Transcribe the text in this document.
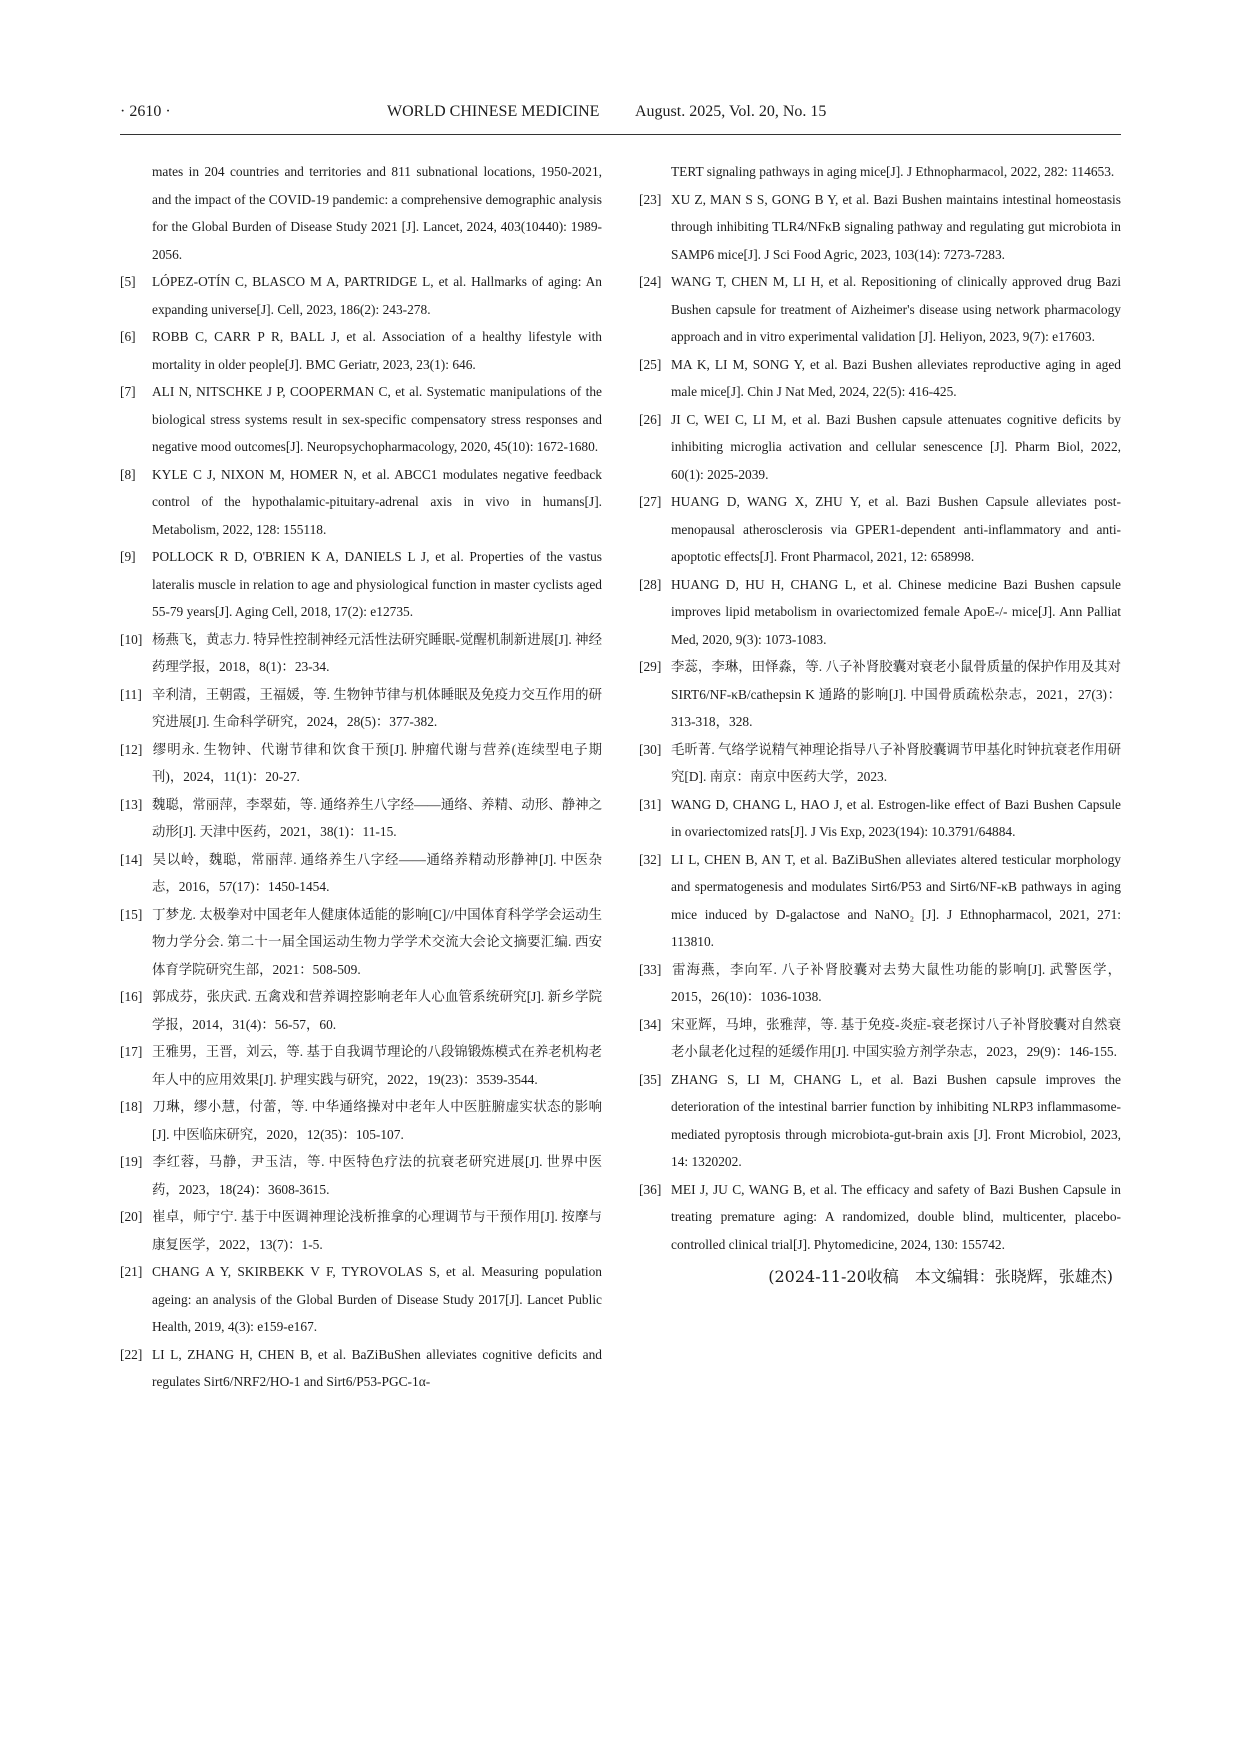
· 2610 ·	WORLD CHINESE MEDICINE August. 2025, Vol. 20, No. 15
mates in 204 countries and territories and 811 subnational locations, 1950-2021, and the impact of the COVID-19 pandemic: a comprehensive demographic analysis for the Global Burden of Disease Study 2021 [J]. Lancet, 2024, 403(10440): 1989-2056.
[5] LÓPEZ-OTÍN C, BLASCO M A, PARTRIDGE L, et al. Hallmarks of aging: An expanding universe[J]. Cell, 2023, 186(2): 243-278.
[6] ROBB C, CARR P R, BALL J, et al. Association of a healthy lifestyle with mortality in older people[J]. BMC Geriatr, 2023, 23(1): 646.
[7] ALI N, NITSCHKE J P, COOPERMAN C, et al. Systematic manipulations of the biological stress systems result in sex-specific compensatory stress responses and negative mood outcomes[J]. Neuropsychopharmacology, 2020, 45(10): 1672-1680.
[8] KYLE C J, NIXON M, HOMER N, et al. ABCC1 modulates negative feedback control of the hypothalamic-pituitary-adrenal axis in vivo in humans[J]. Metabolism, 2022, 128: 155118.
[9] POLLOCK R D, O'BRIEN K A, DANIELS L J, et al. Properties of the vastus lateralis muscle in relation to age and physiological function in master cyclists aged 55-79 years[J]. Aging Cell, 2018, 17(2): e12735.
[10] 杨燕飞，黄志力. 特异性控制神经元活性法研究睡眠-觉醒机制新进展[J]. 神经药理学报，2018，8(1)：23-34.
[11] 辛利清，王朝霞，王福媛，等. 生物钟节律与机体睡眠及免疫力交互作用的研究进展[J]. 生命科学研究，2024，28(5)：377-382.
[12] 缪明永. 生物钟、代谢节律和饮食干预[J]. 肿瘤代谢与营养(连续型电子期刊)，2024，11(1)：20-27.
[13] 魏聪，常丽萍，李翠茹，等. 通络养生八字经——通络、养精、动形、静神之动形[J]. 天津中医药，2021，38(1)：11-15.
[14] 吴以岭，魏聪，常丽萍. 通络养生八字经——通络养精动形静神[J]. 中医杂志，2016，57(17)：1450-1454.
[15] 丁梦龙. 太极拳对中国老年人健康体适能的影响[C]//中国体育科学学会运动生物力学分会. 第二十一届全国运动生物力学学术交流大会论文摘要汇编. 西安体育学院研究生部，2021：508-509.
[16] 郭成芬，张庆武. 五禽戏和营养调控影响老年人心血管系统研究[J]. 新乡学院学报，2014，31(4)：56-57，60.
[17] 王雅男，王晋，刘云，等. 基于自我调节理论的八段锦锻炼模式在养老机构老年人中的应用效果[J]. 护理实践与研究，2022，19(23)：3539-3544.
[18] 刀琳，缪小慧，付蕾，等. 中华通络操对中老年人中医脏腑虚实状态的影响[J]. 中医临床研究，2020，12(35)：105-107.
[19] 李红蓉，马静，尹玉洁，等. 中医特色疗法的抗衰老研究进展[J]. 世界中医药，2023，18(24)：3608-3615.
[20] 崔卓，师宁宁. 基于中医调神理论浅析推拿的心理调节与干预作用[J]. 按摩与康复医学，2022，13(7)：1-5.
[21] CHANG A Y, SKIRBEKK V F, TYROVOLAS S, et al. Measuring population ageing: an analysis of the Global Burden of Disease Study 2017[J]. Lancet Public Health, 2019, 4(3): e159-e167.
[22] LI L, ZHANG H, CHEN B, et al. BaZiBuShen alleviates cognitive deficits and regulates Sirt6/NRF2/HO-1 and Sirt6/P53-PGC-1α-
TERT signaling pathways in aging mice[J]. J Ethnopharmacol, 2022, 282: 114653.
[23] XU Z, MAN S S, GONG B Y, et al. Bazi Bushen maintains intestinal homeostasis through inhibiting TLR4/NFκB signaling pathway and regulating gut microbiota in SAMP6 mice[J]. J Sci Food Agric, 2023, 103(14): 7273-7283.
[24] WANG T, CHEN M, LI H, et al. Repositioning of clinically approved drug Bazi Bushen capsule for treatment of Aizheimer's disease using network pharmacology approach and in vitro experimental validation [J]. Heliyon, 2023, 9(7): e17603.
[25] MA K, LI M, SONG Y, et al. Bazi Bushen alleviates reproductive aging in aged male mice[J]. Chin J Nat Med, 2024, 22(5): 416-425.
[26] JI C, WEI C, LI M, et al. Bazi Bushen capsule attenuates cognitive deficits by inhibiting microglia activation and cellular senescence [J]. Pharm Biol, 2022, 60(1): 2025-2039.
[27] HUANG D, WANG X, ZHU Y, et al. Bazi Bushen Capsule alleviates post-menopausal atherosclerosis via GPER1-dependent anti-inflammatory and anti-apoptotic effects[J]. Front Pharmacol, 2021, 12: 658998.
[28] HUANG D, HU H, CHANG L, et al. Chinese medicine Bazi Bushen capsule improves lipid metabolism in ovariectomized female ApoE-/- mice[J]. Ann Palliat Med, 2020, 9(3): 1073-1083.
[29] 李蕊，李琳，田怿淼，等. 八子补肾胶囊对衰老小鼠骨质量的保护作用及其对 SIRT6/NF-κB/cathepsin K 通路的影响[J]. 中国骨质疏松杂志，2021，27(3)：313-318，328.
[30] 毛昕菁. 气络学说精气神理论指导八子补肾胶囊调节甲基化时钟抗衰老作用研究[D]. 南京：南京中医药大学，2023.
[31] WANG D, CHANG L, HAO J, et al. Estrogen-like effect of Bazi Bushen Capsule in ovariectomized rats[J]. J Vis Exp, 2023(194): 10.3791/64884.
[32] LI L, CHEN B, AN T, et al. BaZiBuShen alleviates altered testicular morphology and spermatogenesis and modulates Sirt6/P53 and Sirt6/NF-κB pathways in aging mice induced by D-galactose and NaNO₂ [J]. J Ethnopharmacol, 2021, 271: 113810.
[33] 雷海燕，李向军. 八子补肾胶囊对去势大鼠性功能的影响[J]. 武警医学，2015，26(10)：1036-1038.
[34] 宋亚辉，马坤，张雅萍，等. 基于免疫-炎症-衰老探讨八子补肾胶囊对自然衰老小鼠老化过程的延缓作用[J]. 中国实验方剂学杂志，2023，29(9)：146-155.
[35] ZHANG S, LI M, CHANG L, et al. Bazi Bushen capsule improves the deterioration of the intestinal barrier function by inhibiting NLRP3 inflammasome-mediated pyroptosis through microbiota-gut-brain axis [J]. Front Microbiol, 2023, 14: 1320202.
[36] MEI J, JU C, WANG B, et al. The efficacy and safety of Bazi Bushen Capsule in treating premature aging: A randomized, double blind, multicenter, placebo-controlled clinical trial[J]. Phytomedicine, 2024, 130: 155742.
(2024-11-20收稿　本文编辑：张晓辉，张雄杰)
